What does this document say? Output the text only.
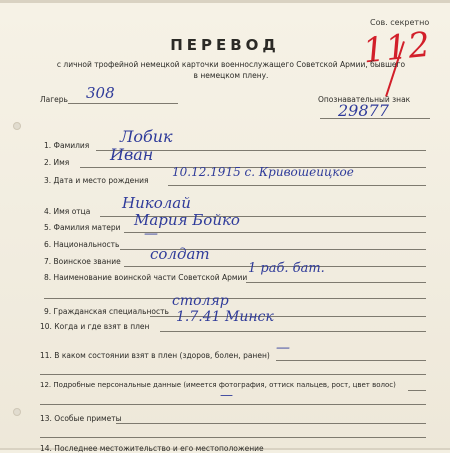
Сов. секретно
112
ПЕРЕВОД
с личной трофейной немецкой карточки военнослужащего Советской Армии, бывшего в немецком плену.
Лагерь 308	Опознавательный знак
29877
1. Фамилия Лобик
2. Имя	Иван
3. Дата и место рождения
10.12.1915 с. Кривошеицкое
4. Имя отца Николай
5. Фамилия матери Мария Бойко
6. Национальность
—
7. Воинское звание солдат
8. Наименование воинской части Советской Армии
1 раб. бат.
9. Гражданская специальность
столяр
10. Когда и где взят в плен
1.7.41 Минск
11. В каком состоянии взят в плен (здоров, болен, ранен) —
12. Подробные персональные данные (имеется фотография, оттиск пальцев, рост, цвет волос)
—
13. Особые приметы
14. Последнее местожительство и его местоположение
